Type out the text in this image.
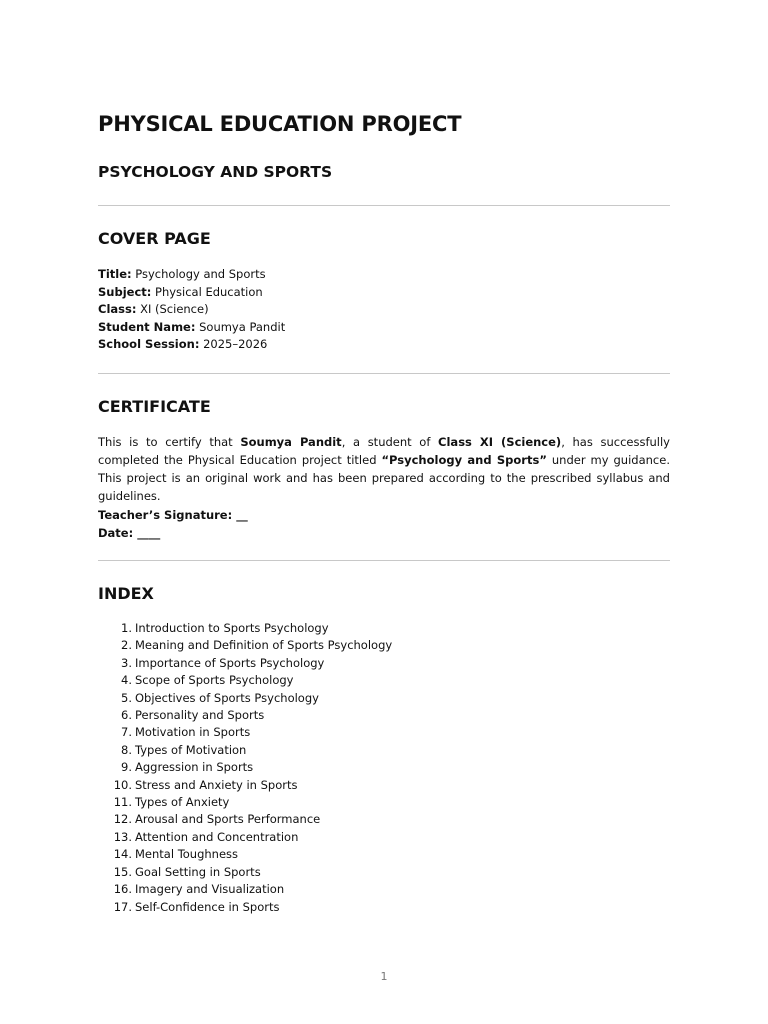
PHYSICAL EDUCATION PROJECT
PSYCHOLOGY AND SPORTS
COVER PAGE
Title: Psychology and Sports
Subject: Physical Education
Class: XI (Science)
Student Name: Soumya Pandit
School Session: 2025–2026
CERTIFICATE

This is to certify that Soumya Pandit, a student of Class XI (Science), has successfully completed the Physical Education project titled “Psychology and Sports” under my guidance. This project is an original work and has been prepared according to the prescribed syllabus and guidelines.

Teacher’s Signature: __
Date: ____
INDEX
1. Introduction to Sports Psychology
2. Meaning and Definition of Sports Psychology
3. Importance of Sports Psychology
4. Scope of Sports Psychology
5. Objectives of Sports Psychology
6. Personality and Sports
7. Motivation in Sports
8. Types of Motivation
9. Aggression in Sports
10. Stress and Anxiety in Sports
11. Types of Anxiety
12. Arousal and Sports Performance
13. Attention and Concentration
14. Mental Toughness
15. Goal Setting in Sports
16. Imagery and Visualization
17. Self-Confidence in Sports
1
